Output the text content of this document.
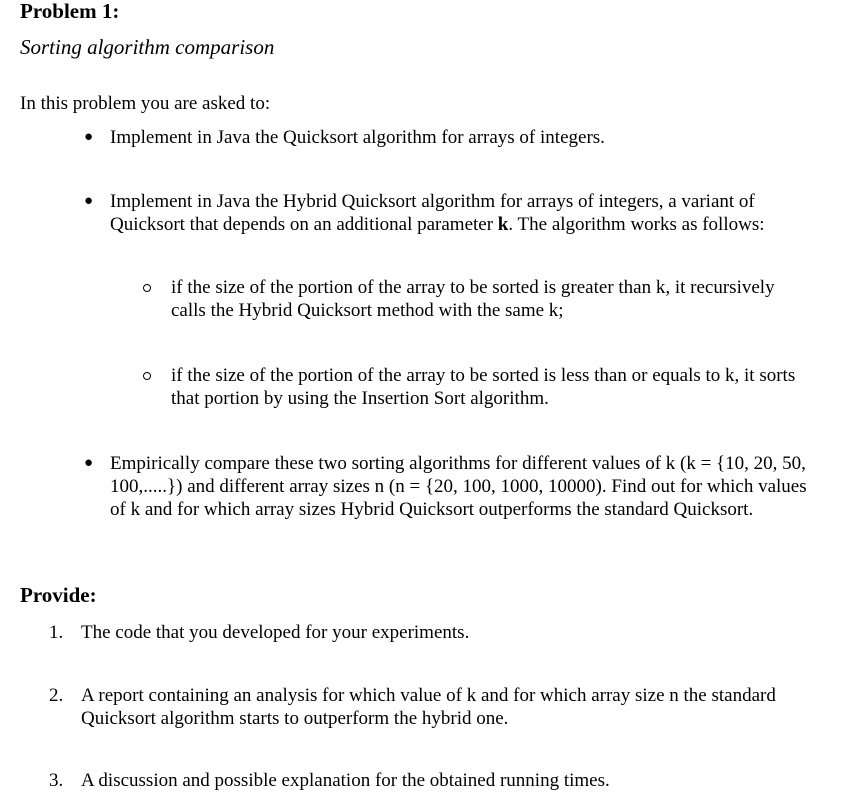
Problem 1:
Sorting algorithm comparison
In this problem you are asked to:
● Implement in Java the Quicksort algorithm for arrays of integers.
● Implement in Java the Hybrid Quicksort algorithm for arrays of integers, a variant of Quicksort that depends on an additional parameter k. The algorithm works as follows:
if the size of the portion of the array to be sorted is greater than k, it recursively calls the Hybrid Quicksort method with the same k;
if the size of the portion of the array to be sorted is less than or equals to k, it sorts that portion by using the Insertion Sort algorithm.
● Empirically compare these two sorting algorithms for different values of k (k = {10, 20, 50, 100,.....}) and different array sizes n (n = {20, 100, 1000, 10000). Find out for which values of k and for which array sizes Hybrid Quicksort outperforms the standard Quicksort.
Provide:
1. The code that you developed for your experiments.
2. A report containing an analysis for which value of k and for which array size n the standard Quicksort algorithm starts to outperform the hybrid one.
3. A discussion and possible explanation for the obtained running times.
